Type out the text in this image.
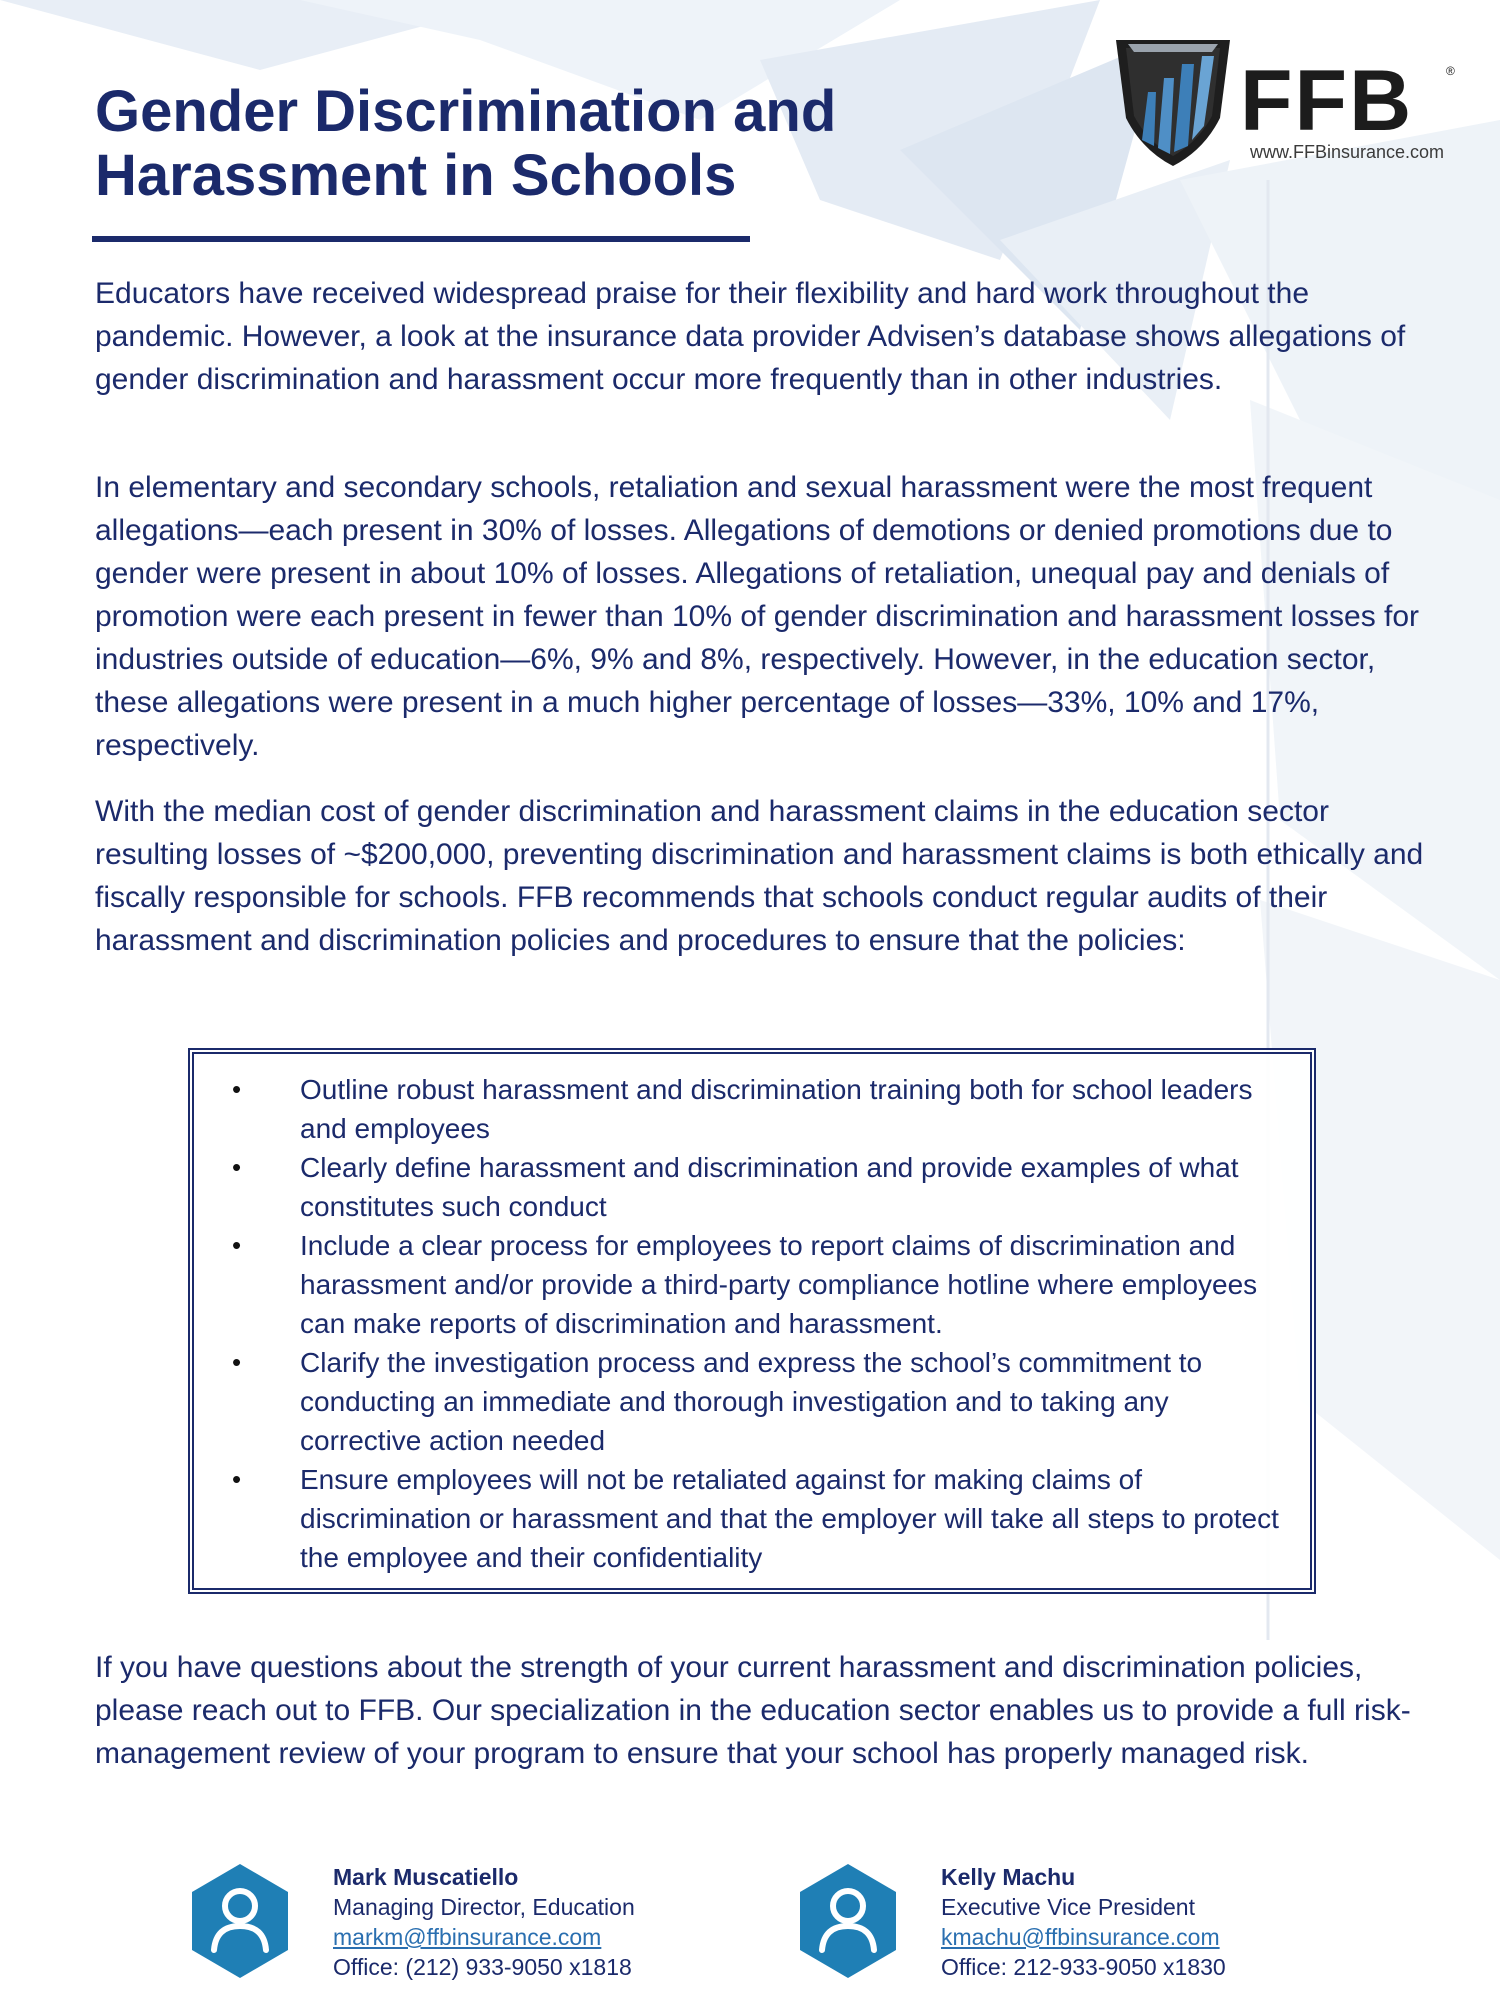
Gender Discrimination and
Harassment in Schools
FFB	®
www.FFBinsurance.com

Educators have received widespread praise for their flexibility and hard work throughout the pandemic. However, a look at the insurance data provider Advisen’s database shows allegations of gender discrimination and harassment occur more frequently than in other industries.

In elementary and secondary schools, retaliation and sexual harassment were the most frequent allegations—each present in 30% of losses. Allegations of demotions or denied promotions due to gender were present in about 10% of losses. Allegations of retaliation, unequal pay and denials of promotion were each present in fewer than 10% of gender discrimination and harassment losses for industries outside of education—6%, 9% and 8%, respectively. However, in the education sector, these allegations were present in a much higher percentage of losses—33%, 10% and 17%, respectively.

With the median cost of gender discrimination and harassment claims in the education sector resulting losses of ~$200,000, preventing discrimination and harassment claims is both ethically and fiscally responsible for schools. FFB recommends that schools conduct regular audits of their harassment and discrimination policies and procedures to ensure that the policies:

• Outline robust harassment and discrimination training both for school leaders and employees
• Clearly define harassment and discrimination and provide examples of what constitutes such conduct
• Include a clear process for employees to report claims of discrimination and harassment and/or provide a third-party compliance hotline where employees can make reports of discrimination and harassment.
• Clarify the investigation process and express the school’s commitment to conducting an immediate and thorough investigation and to taking any corrective action needed
• Ensure employees will not be retaliated against for making claims of discrimination or harassment and that the employer will take all steps to protect the employee and their confidentiality

If you have questions about the strength of your current harassment and discrimination policies, please reach out to FFB. Our specialization in the education sector enables us to provide a full risk-management review of your program to ensure that your school has properly managed risk.

Mark Muscatiello
Managing Director, Education
markm@ffbinsurance.com
Office: (212) 933-9050 x1818
Kelly Machu
Executive Vice President
kmachu@ffbinsurance.com
Office: 212-933-9050 x1830
